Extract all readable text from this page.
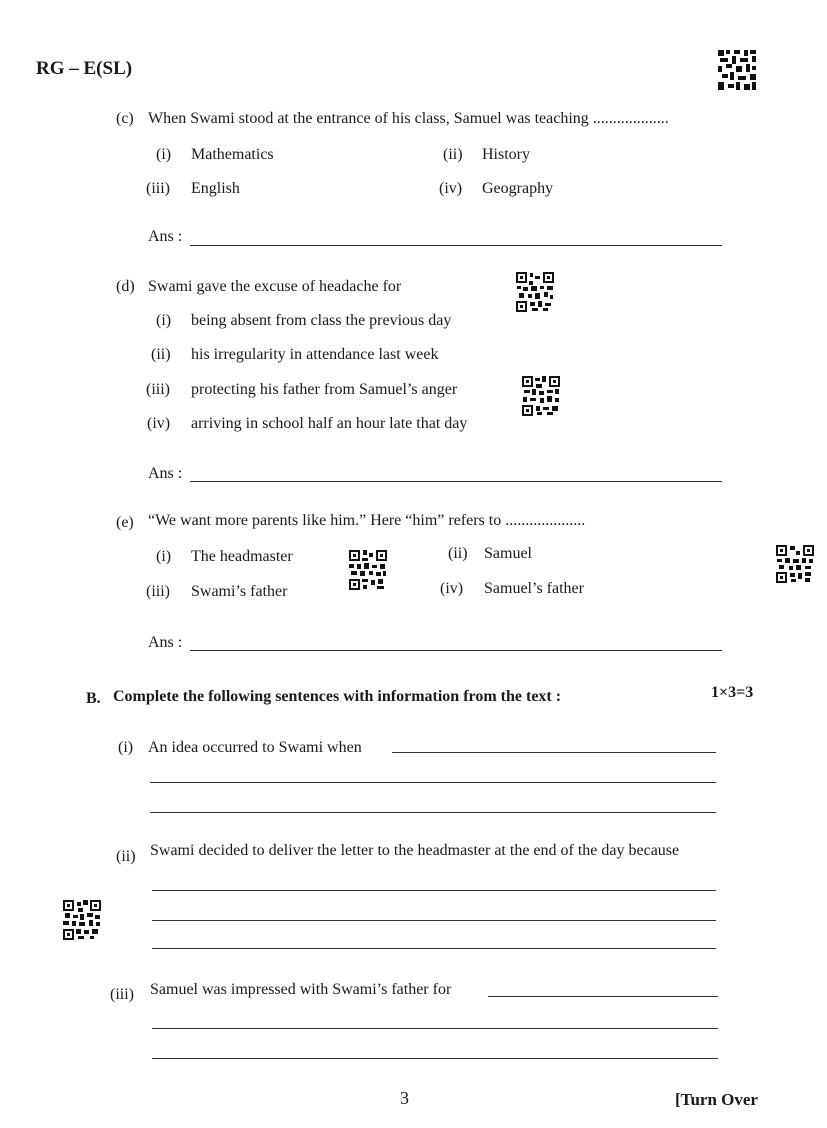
RG – E(SL)
(c) When Swami stood at the entrance of his class, Samuel was teaching ...................
(i) Mathematics	(ii) History
(iii) English	(iv) Geography
Ans :
(d) Swami gave the excuse of headache for
(i) being absent from class the previous day
(ii) his irregularity in attendance last week
(iii) protecting his father from Samuel’s anger
(iv) arriving in school half an hour late that day
Ans :
(e) “We want more parents like him.” Here “him” refers to ....................
(i) The headmaster	(ii) Samuel
(iii) Swami’s father	(iv) Samuel’s father
Ans :
B. Complete the following sentences with information from the text :	1×3=3
(i) An idea occurred to Swami when
(ii) Swami decided to deliver the letter to the headmaster at the end of the day because
(iii) Samuel was impressed with Swami’s father for
3	[Turn Over
